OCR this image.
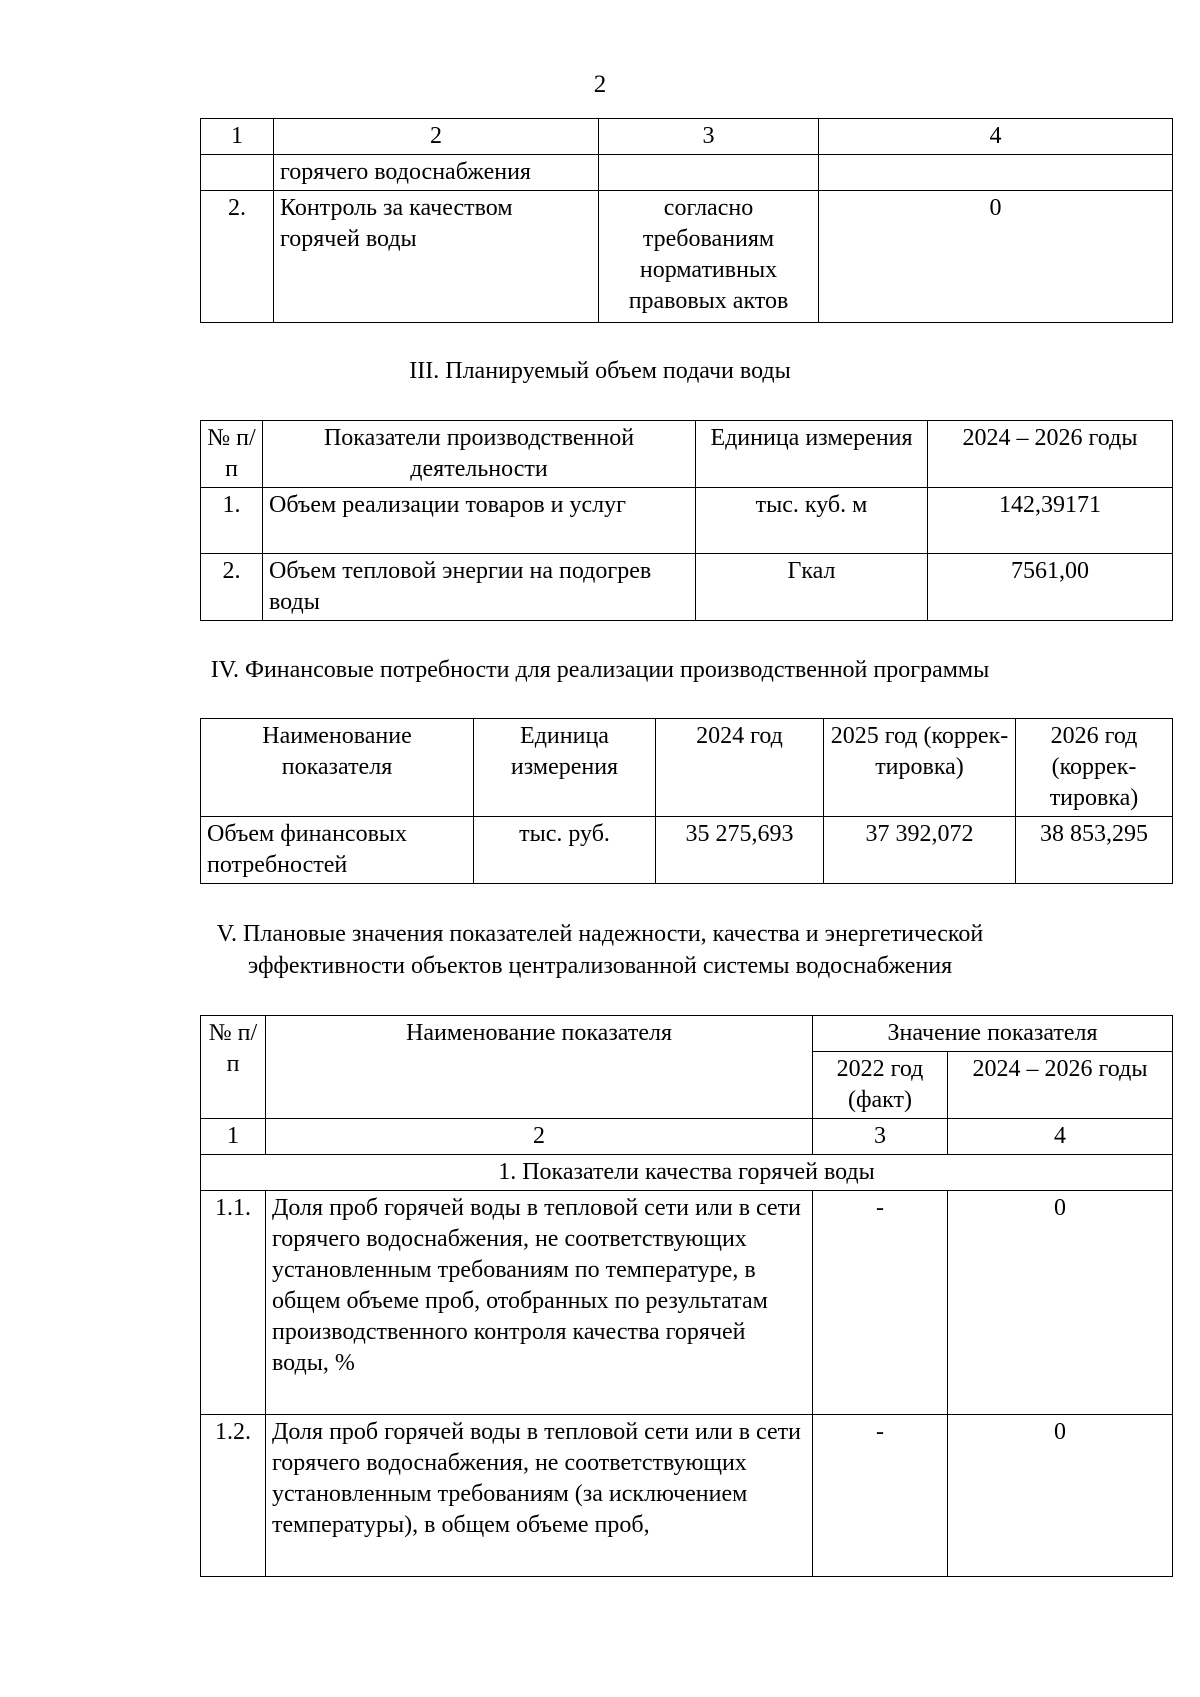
2
1	2	3	4
	горячего водоснабжения		
2.	Контроль за качеством горячей воды	согласно требованиям нормативных правовых актов	0
III. Планируемый объем подачи воды
№ п/п	Показатели производственной деятельности	Единица измерения	2024 – 2026 годы
1.	Объем реализации товаров и услуг	тыс. куб. м	142,39171
2.	Объем тепловой энергии на подогрев воды	Гкал	7561,00
IV. Финансовые потребности для реализации производственной программы
Наименование показателя	Единица измерения	2024 год	2025 год (коррек-тировка)	2026 год (коррек-тировка)
Объем финансовых потребностей	тыс. руб.	35 275,693	37 392,072	38 853,295
V. Плановые значения показателей надежности, качества и энергетической
эффективности объектов централизованной системы водоснабжения
№ п/п	Наименование показателя	Значение показателя	
		2022 год (факт)	2024 – 2026 годы
1	2	3	4
1. Показатели качества горячей воды			
1.1.	Доля проб горячей воды в тепловой сети или в сети горячего водоснабжения, не соответствующих установленным требованиям по температуре, в общем объеме проб, отобранных по результатам производственного контроля качества горячей воды, %	-	0
1.2.	Доля проб горячей воды в тепловой сети или в сети горячего водоснабжения, не соответствующих установленным требованиям (за исключением температуры), в общем объеме проб,	-	0
